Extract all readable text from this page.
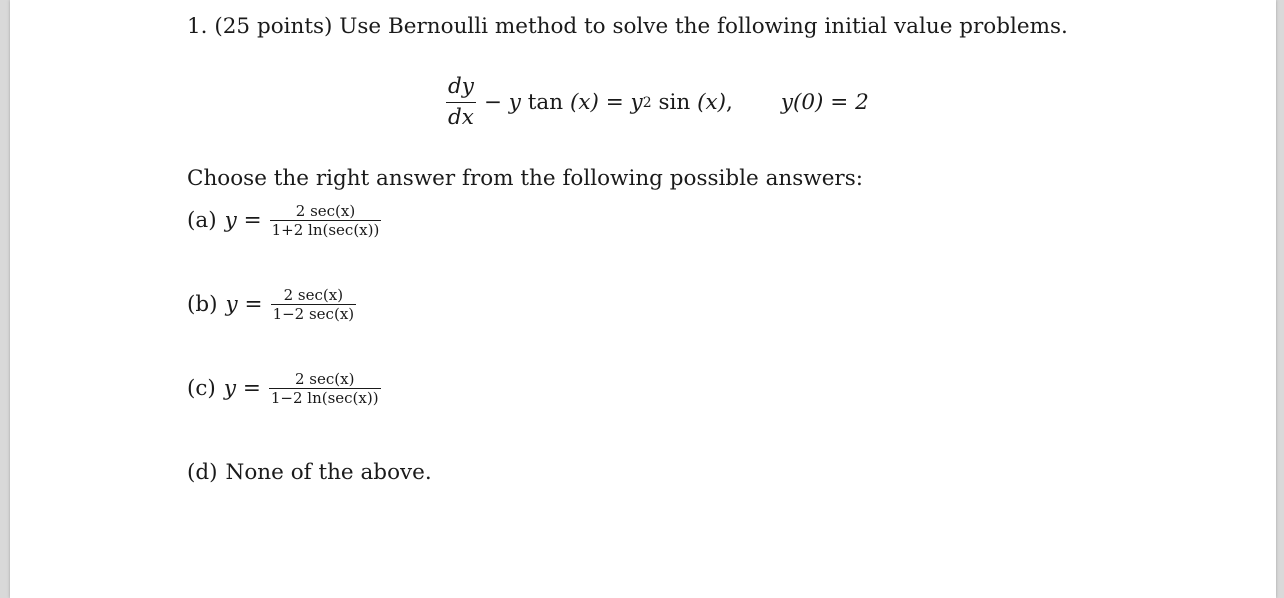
1. (25 points) Use Bernoulli method to solve the following initial value problems.
$\frac{dy}{dx}$ −
y
tan
(x)
=
y 2
sin
(x) , y(0) = 2
Choose the right answer from the following possible answers:
(a) y
= $\frac{2 \sec(x)}{1+2 \ln(\sec(x))}$
(b) y
= $\frac{2 \sec(x)}{1-2 \sec(x)}$
(c) y
= $\frac{2 \sec(x)}{1-2 \ln(\sec(x))}$
(d) None of the above.
